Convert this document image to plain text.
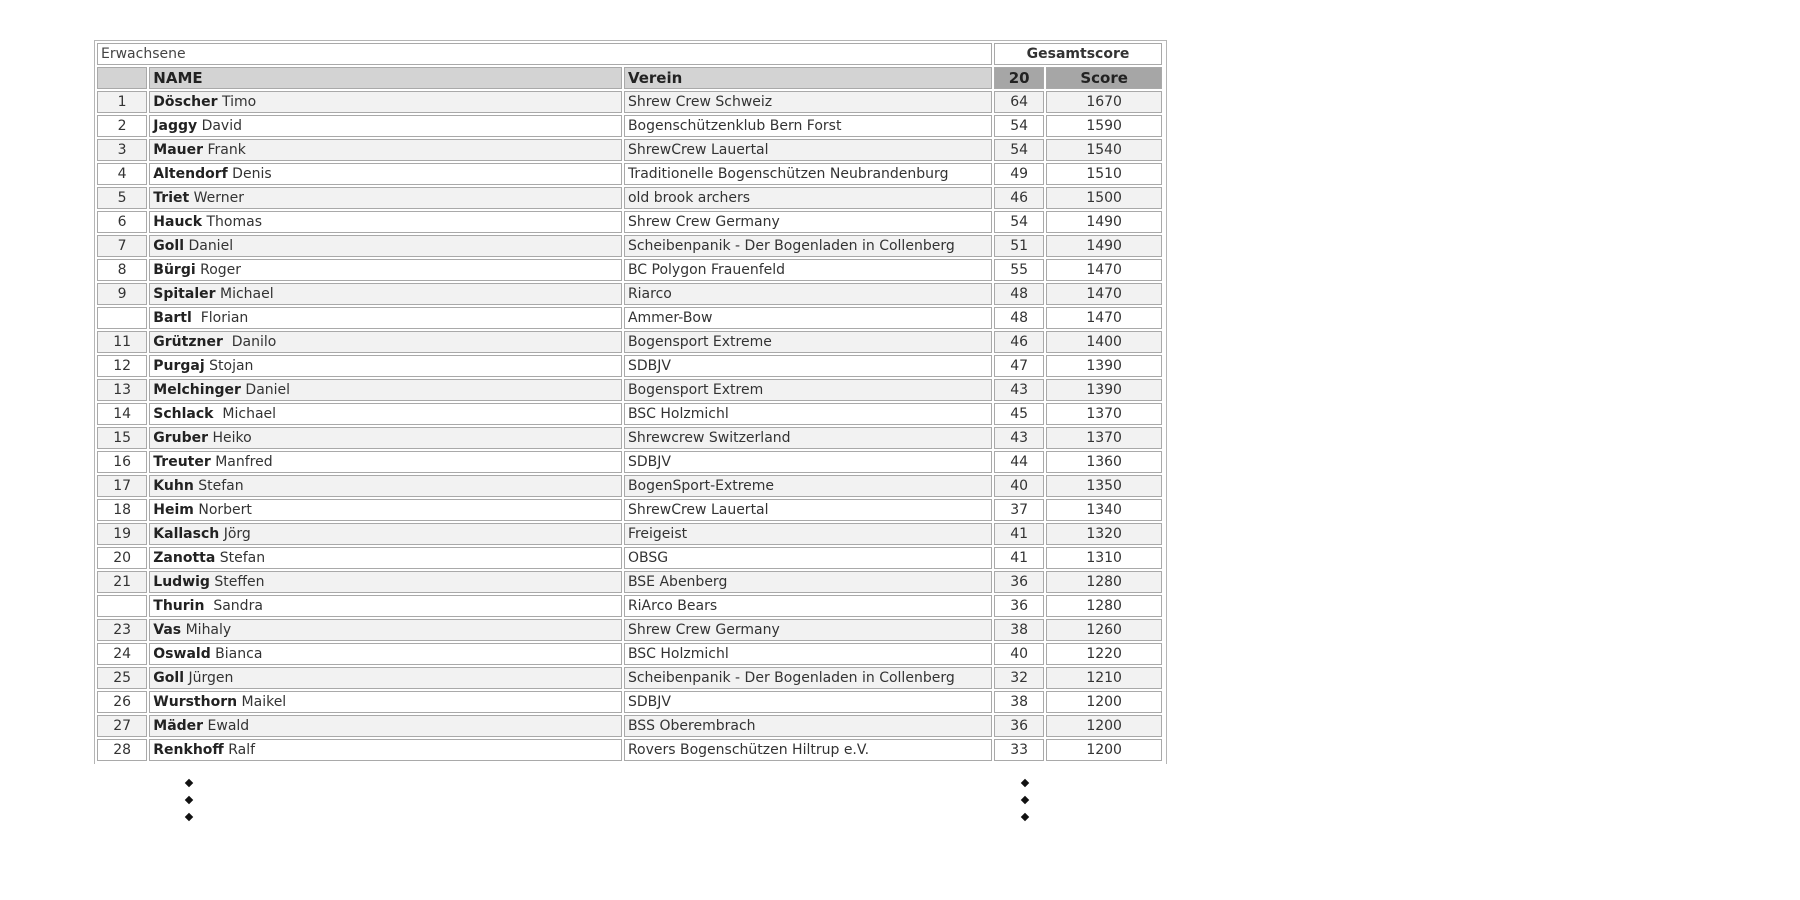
Erwachsene			Gesamtscore	
	NAME	Verein	20	Score
1	Döscher Timo	Shrew Crew Schweiz	64	1670
2	Jaggy David	Bogenschützenklub Bern Forst	54	1590
3	Mauer Frank	ShrewCrew Lauertal	54	1540
4	Altendorf Denis	Traditionelle Bogenschützen Neubrandenburg	49	1510
5	Triet Werner	old brook archers	46	1500
6	Hauck Thomas	Shrew Crew Germany	54	1490
7	Goll Daniel	Scheibenpanik - Der Bogenladen in Collenberg	51	1490
8	Bürgi Roger	BC Polygon Frauenfeld	55	1470
9	Spitaler Michael	Riarco	48	1470
	Bartl  Florian	Ammer-Bow	48	1470
11	Grützner  Danilo	Bogensport Extreme	46	1400
12	Purgaj Stojan	SDBJV	47	1390
13	Melchinger Daniel	Bogensport Extrem	43	1390
14	Schlack  Michael	BSC Holzmichl	45	1370
15	Gruber Heiko	Shrewcrew Switzerland	43	1370
16	Treuter Manfred	SDBJV	44	1360
17	Kuhn Stefan	BogenSport-Extreme	40	1350
18	Heim Norbert	ShrewCrew Lauertal	37	1340
19	Kallasch Jörg	Freigeist	41	1320
20	Zanotta Stefan	OBSG	41	1310
21	Ludwig Steffen	BSE Abenberg	36	1280
	Thurin  Sandra	RiArco Bears	36	1280
23	Vas Mihaly	Shrew Crew Germany	38	1260
24	Oswald Bianca	BSC Holzmichl	40	1220
25	Goll Jürgen	Scheibenpanik - Der Bogenladen in Collenberg	32	1210
26	Wursthorn Maikel	SDBJV	38	1200
27	Mäder Ewald	BSS Oberembrach	36	1200
28	Renkhoff Ralf	Rovers Bogenschützen Hiltrup e.V.	33	1200
